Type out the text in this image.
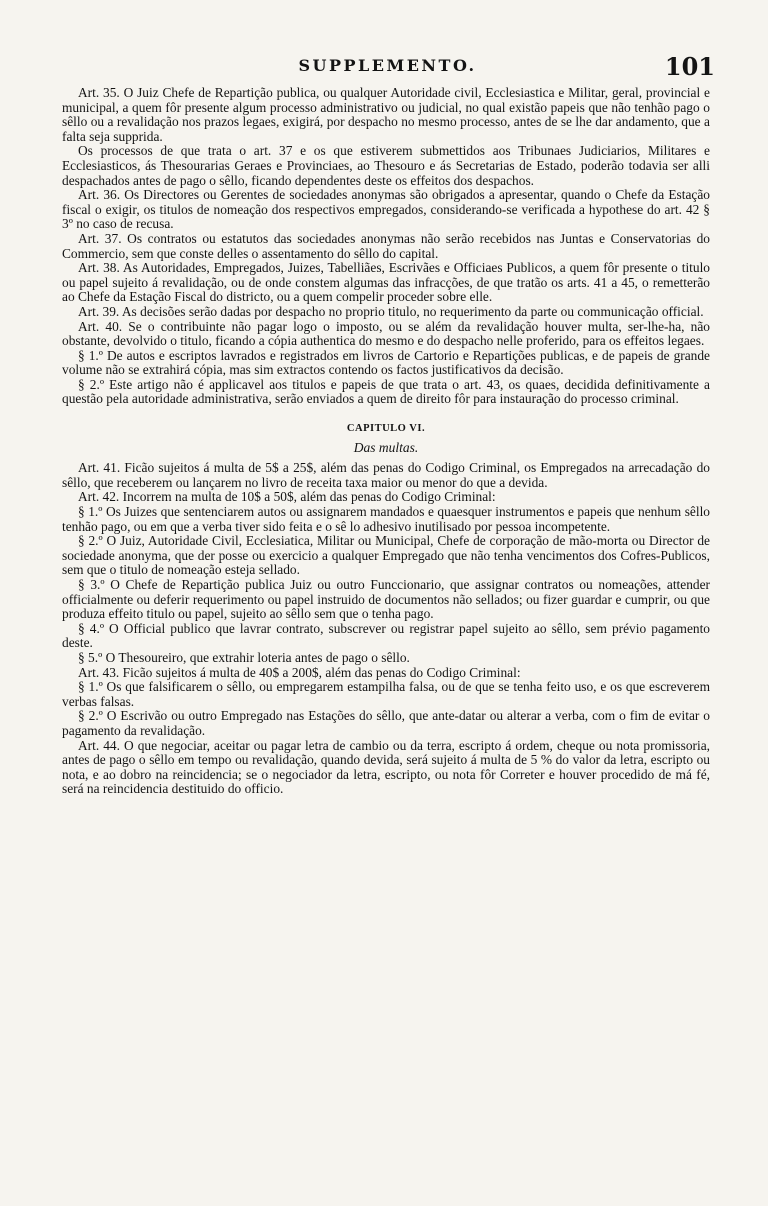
SUPPLEMENTO.	101

Art. 35. O Juiz Chefe de Repartição publica, ou qualquer Autoridade civil, Ecclesiastica e Militar, geral, provincial e municipal, a quem fôr presente algum processo administrativo ou judicial, no qual existão papeis que não tenhão pago o sêllo ou a revalidação nos prazos legaes, exigirá, por despacho no mesmo processo, antes de se lhe dar andamento, que a falta seja supprida.

Os processos de que trata o art. 37 e os que estiverem submettidos aos Tribunaes Judiciarios, Militares e Ecclesiasticos, ás Thesourarias Geraes e Provinciaes, ao Thesouro e ás Secretarias de Estado, poderão todavia ser alli despachados antes de pago o sêllo, ficando dependentes deste os effeitos dos despachos.

Art. 36. Os Directores ou Gerentes de sociedades anonymas são obrigados a apresentar, quando o Chefe da Estação fiscal o exigir, os titulos de nomeação dos respectivos empregados, considerando-se verificada a hypothese do art. 42 § 3º no caso de recusa.

Art. 37. Os contratos ou estatutos das sociedades anonymas não serão recebidos nas Juntas e Conservatorias do Commercio, sem que conste delles o assentamento do sêllo do capital.

Art. 38. As Autoridades, Empregados, Juizes, Tabelliães, Escrivães e Officiaes Publicos, a quem fôr presente o titulo ou papel sujeito á revalidação, ou de onde constem algumas das infracções, de que tratão os arts. 41 a 45, o remetterão ao Chefe da Estação Fiscal do districto, ou a quem compelir proceder sobre elle.

Art. 39. As decisões serão dadas por despacho no proprio titulo, no requerimento da parte ou communicação official.

Art. 40. Se o contribuinte não pagar logo o imposto, ou se além da revalidação houver multa, ser-lhe-ha, não obstante, devolvido o titulo, ficando a cópia authentica do mesmo e do despacho nelle proferido, para os effeitos legaes.

§ 1.º De autos e escriptos lavrados e registrados em livros de Cartorio e Repartições publicas, e de papeis de grande volume não se extrahirá cópia, mas sim extractos contendo os factos justificativos da decisão.

§ 2.º Este artigo não é applicavel aos titulos e papeis de que trata o art. 43, os quaes, decidida definitivamente a questão pela autoridade administrativa, serão enviados a quem de direito fôr para instauração do processo criminal.

CAPITULO VI.
Das multas.

Art. 41. Ficão sujeitos á multa de 5$ a 25$, além das penas do Codigo Criminal, os Empregados na arrecadação do sêllo, que receberem ou lançarem no livro de receita taxa maior ou menor do que a devida.

Art. 42. Incorrem na multa de 10$ a 50$, além das penas do Codigo Criminal:

§ 1.º Os Juizes que sentenciarem autos ou assignarem mandados e quaesquer instrumentos e papeis que nenhum sêllo tenhão pago, ou em que a verba tiver sido feita e o sê lo adhesivo inutilisado por pessoa incompetente.

§ 2.º O Juiz, Autoridade Civil, Ecclesiatica, Militar ou Municipal, Chefe de corporação de mão-morta ou Director de sociedade anonyma, que der posse ou exercicio a qualquer Empregado que não tenha vencimentos dos Cofres-Publicos, sem que o titulo de nomeação esteja sellado.

§ 3.º O Chefe de Repartição publica Juiz ou outro Funccionario, que assignar contratos ou nomeações, attender officialmente ou deferir requerimento ou papel instruido de documentos não sellados; ou fizer guardar e cumprir, ou que produza effeito titulo ou papel, sujeito ao sêllo sem que o tenha pago.

§ 4.º O Official publico que lavrar contrato, subscrever ou registrar papel sujeito ao sêllo, sem prévio pagamento deste.

§ 5.º O Thesoureiro, que extrahir loteria antes de pago o sêllo.

Art. 43. Ficão sujeitos á multa de 40$ a 200$, além das penas do Codigo Criminal:

§ 1.º Os que falsificarem o sêllo, ou empregarem estampilha falsa, ou de que se tenha feito uso, e os que escreverem verbas falsas.

§ 2.º O Escrivão ou outro Empregado nas Estações do sêllo, que ante-datar ou alterar a verba, com o fim de evitar o pagamento da revalidação.

Art. 44. O que negociar, aceitar ou pagar letra de cambio ou da terra, escripto á ordem, cheque ou nota promissoria, antes de pago o sêllo em tempo ou revalidação, quando devida, será sujeito á multa de 5 % do valor da letra, escripto ou nota, e ao dobro na reincidencia; se o negociador da letra, escripto, ou nota fôr Correter e houver procedido de má fé, será na reincidencia destituido do officio.
